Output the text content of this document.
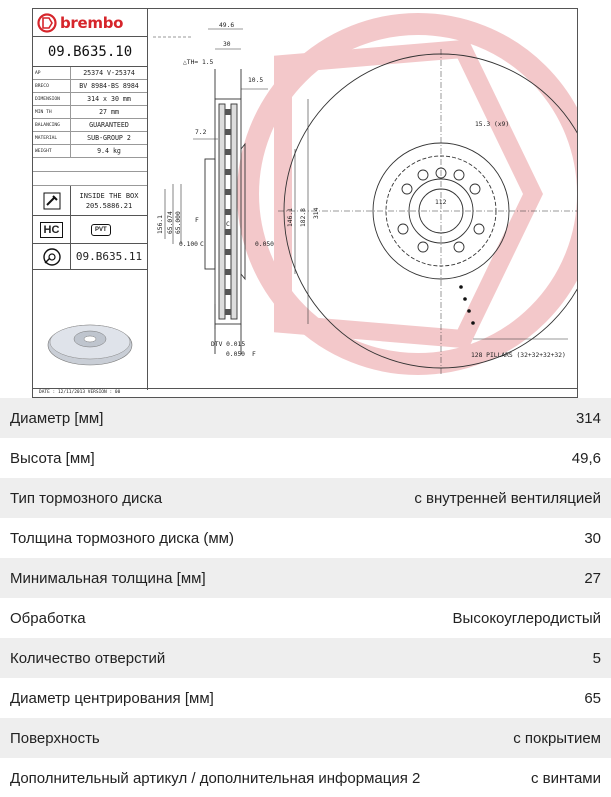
brembo
09.B635.10
AP	25374 V-25374
BRECO	BV 8984-BS 8984
DIMENSION	314 x 30 mm
MIN TH	27 mm
BALANCING	GUARANTEED
MATERIAL	SUB-GROUP 2
WEIGHT	9.4 kg
INSIDE THE BOX
205.5886.21
HC	PVT
09.B635.11
49.6
30
△TH= 1.5
10.5
7.2
F
C
0.100 C	0.050
156.1 65.074 65.000	146.1 182.8 314
DTV 0.015
0.050 F
15.3 (x9)
112
128 PILLARS (32+32+32+32)
DATE : 12/11/2013 VERSION : 00
Диаметр [мм]	314
Высота [мм]	49,6
Тип тормозного диска	с внутренней вентиляцией
Толщина тормозного диска (мм)	30
Минимальная толщина [мм]	27
Обработка	Высокоуглеродистый
Количество отверстий	5
Диаметр центрирования [мм]	65
Поверхность	с покрытием
Дополнительный артикул / дополнительная информация 2	с винтами
